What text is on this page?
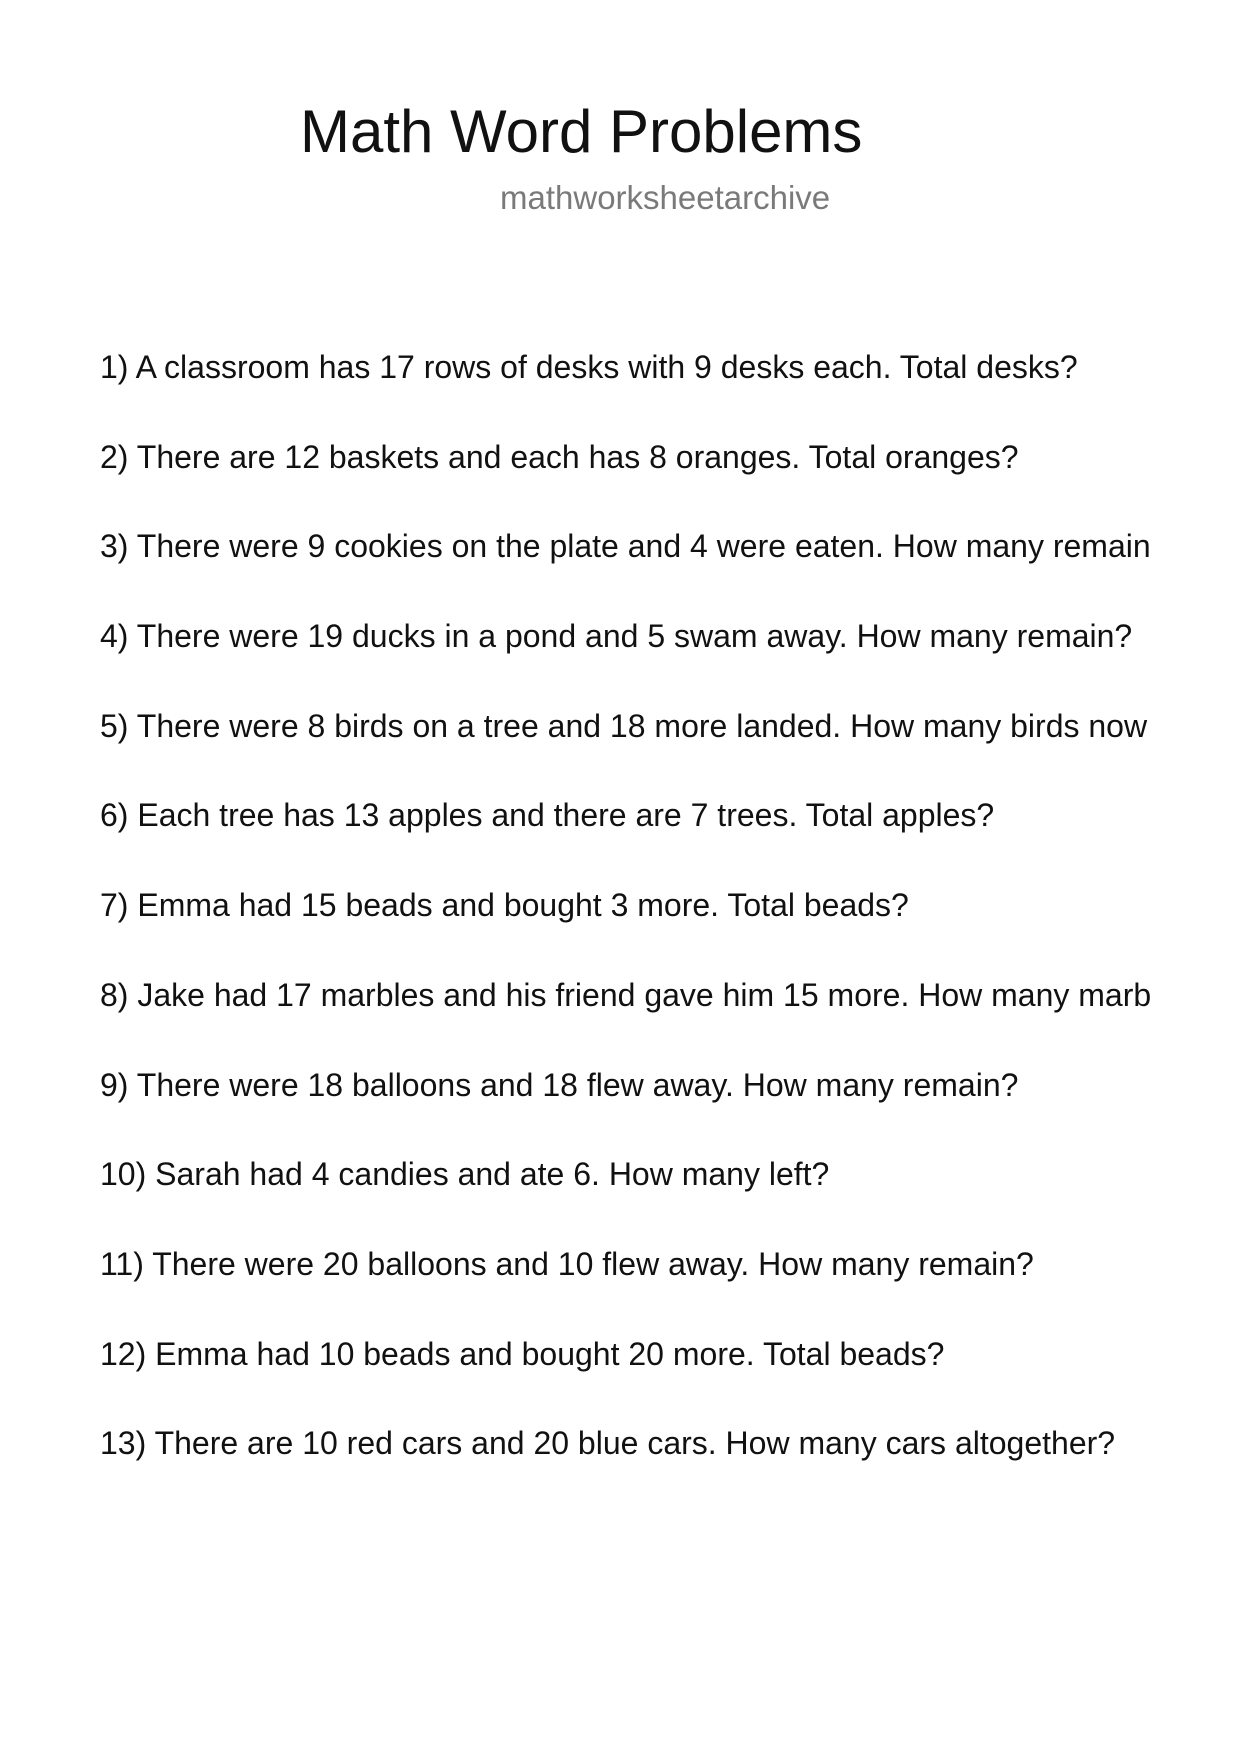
Math Word Problems
mathworksheetarchive
1) A classroom has 17 rows of desks with 9 desks each. Total desks?
2) There are 12 baskets and each has 8 oranges. Total oranges?
3) There were 9 cookies on the plate and 4 were eaten. How many remain
4) There were 19 ducks in a pond and 5 swam away. How many remain?
5) There were 8 birds on a tree and 18 more landed. How many birds now
6) Each tree has 13 apples and there are 7 trees. Total apples?
7) Emma had 15 beads and bought 3 more. Total beads?
8) Jake had 17 marbles and his friend gave him 15 more. How many marb
9) There were 18 balloons and 18 flew away. How many remain?
10) Sarah had 4 candies and ate 6. How many left?
11) There were 20 balloons and 10 flew away. How many remain?
12) Emma had 10 beads and bought 20 more. Total beads?
13) There are 10 red cars and 20 blue cars. How many cars altogether?
